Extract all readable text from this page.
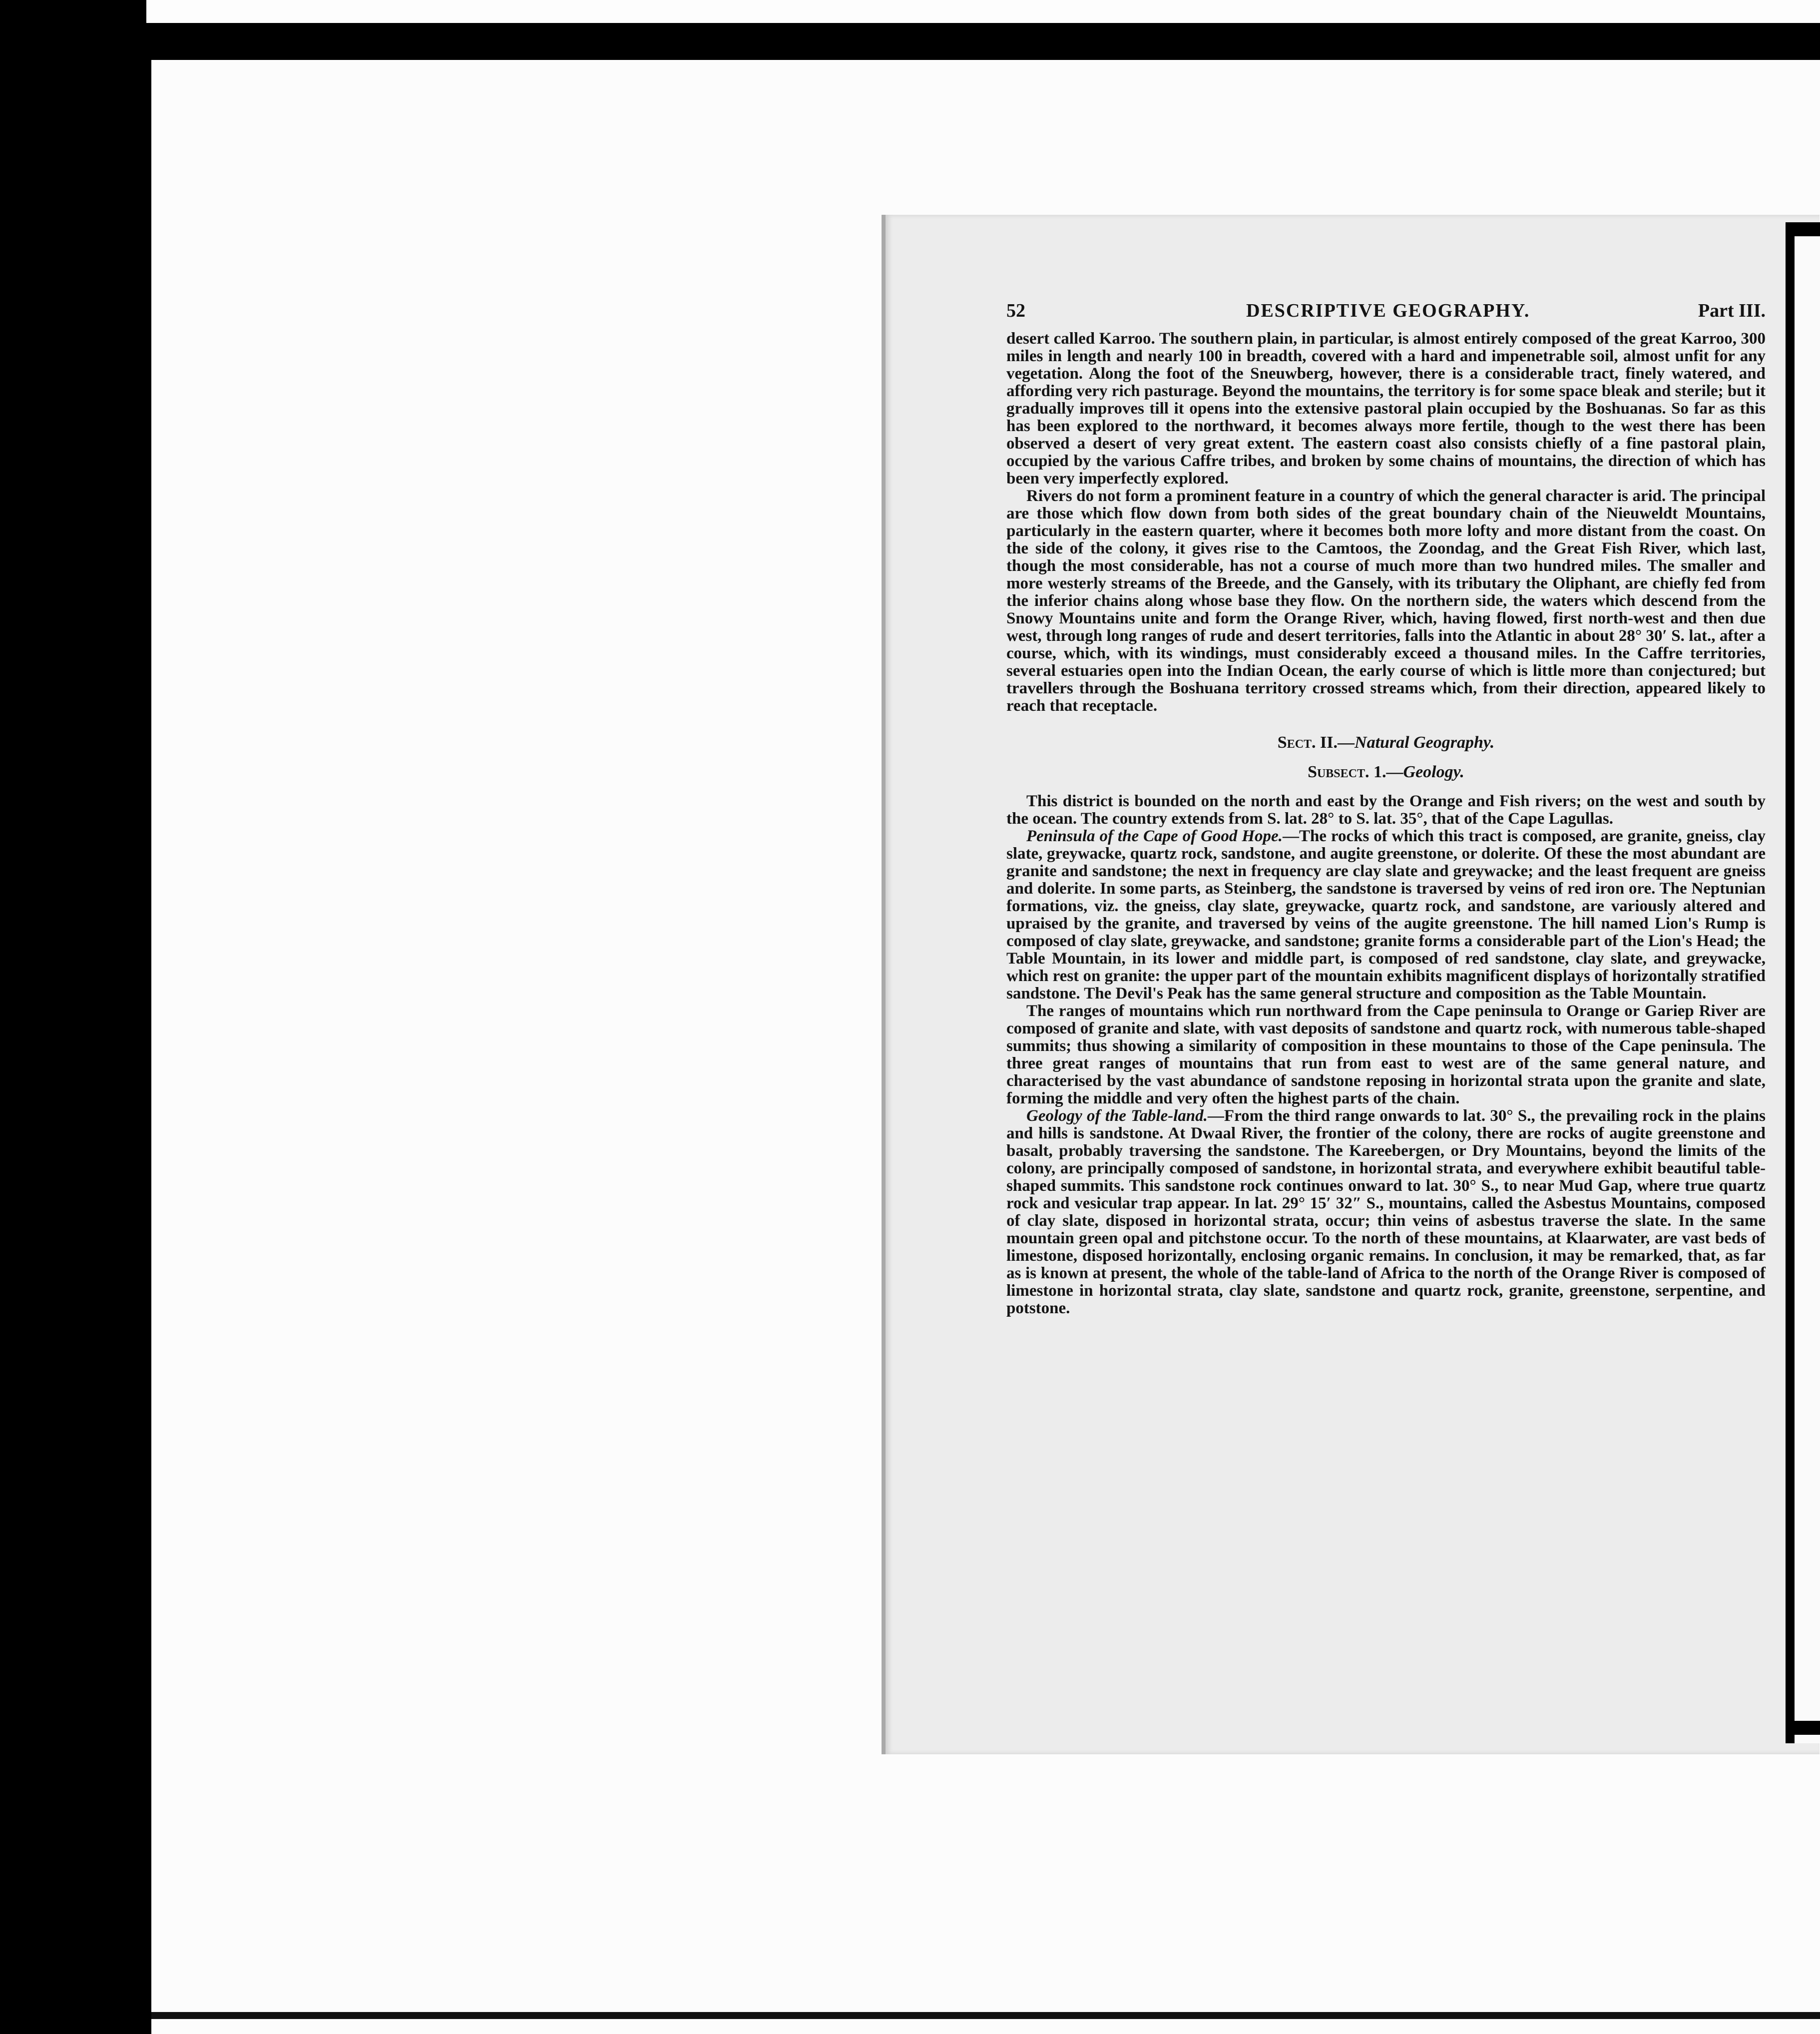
52	DESCRIPTIVE GEOGRAPHY.	Part III.

desert called Karroo. The southern plain, in particular, is almost entirely composed of the great Karroo, 300 miles in length and nearly 100 in breadth, covered with a hard and impenetrable soil, almost unfit for any vegetation. Along the foot of the Sneuwberg, however, there is a considerable tract, finely watered, and affording very rich pasturage. Beyond the mountains, the territory is for some space bleak and sterile; but it gradually improves till it opens into the extensive pastoral plain occupied by the Boshuanas. So far as this has been explored to the northward, it becomes always more fertile, though to the west there has been observed a desert of very great extent. The eastern coast also consists chiefly of a fine pastoral plain, occupied by the various Caffre tribes, and broken by some chains of mountains, the direction of which has been very imperfectly explored.

Rivers do not form a prominent feature in a country of which the general character is arid. The principal are those which flow down from both sides of the great boundary chain of the Nieuweldt Mountains, particularly in the eastern quarter, where it becomes both more lofty and more distant from the coast. On the side of the colony, it gives rise to the Camtoos, the Zoondag, and the Great Fish River, which last, though the most considerable, has not a course of much more than two hundred miles. The smaller and more westerly streams of the Breede, and the Gansely, with its tributary the Oliphant, are chiefly fed from the inferior chains along whose base they flow. On the northern side, the waters which descend from the Snowy Mountains unite and form the Orange River, which, having flowed, first north-west and then due west, through long ranges of rude and desert territories, falls into the Atlantic in about 28° 30′ S. lat., after a course, which, with its windings, must considerably exceed a thousand miles. In the Caffre territories, several estuaries open into the Indian Ocean, the early course of which is little more than conjectured; but travellers through the Boshuana territory crossed streams which, from their direction, appeared likely to reach that receptacle.

Sect. II.—Natural Geography.
Subsect. 1.—Geology.

This district is bounded on the north and east by the Orange and Fish rivers; on the west and south by the ocean. The country extends from S. lat. 28° to S. lat. 35°, that of the Cape Lagullas.

Peninsula of the Cape of Good Hope.—The rocks of which this tract is composed, are granite, gneiss, clay slate, greywacke, quartz rock, sandstone, and augite greenstone, or dolerite. Of these the most abundant are granite and sandstone; the next in frequency are clay slate and greywacke; and the least frequent are gneiss and dolerite. In some parts, as Steinberg, the sandstone is traversed by veins of red iron ore. The Neptunian formations, viz. the gneiss, clay slate, greywacke, quartz rock, and sandstone, are variously altered and upraised by the granite, and traversed by veins of the augite greenstone. The hill named Lion's Rump is composed of clay slate, greywacke, and sandstone; granite forms a considerable part of the Lion's Head; the Table Mountain, in its lower and middle part, is composed of red sandstone, clay slate, and greywacke, which rest on granite: the upper part of the mountain exhibits magnificent displays of horizontally stratified sandstone. The Devil's Peak has the same general structure and composition as the Table Mountain.

The ranges of mountains which run northward from the Cape peninsula to Orange or Gariep River are composed of granite and slate, with vast deposits of sandstone and quartz rock, with numerous table-shaped summits; thus showing a similarity of composition in these mountains to those of the Cape peninsula. The three great ranges of mountains that run from east to west are of the same general nature, and characterised by the vast abundance of sandstone reposing in horizontal strata upon the granite and slate, forming the middle and very often the highest parts of the chain.

Geology of the Table-land.—From the third range onwards to lat. 30° S., the prevailing rock in the plains and hills is sandstone. At Dwaal River, the frontier of the colony, there are rocks of augite greenstone and basalt, probably traversing the sandstone. The Kareebergen, or Dry Mountains, beyond the limits of the colony, are principally composed of sandstone, in horizontal strata, and everywhere exhibit beautiful table-shaped summits. This sandstone rock continues onward to lat. 30° S., to near Mud Gap, where true quartz rock and vesicular trap appear. In lat. 29° 15′ 32″ S., mountains, called the Asbestus Mountains, composed of clay slate, disposed in horizontal strata, occur; thin veins of asbestus traverse the slate. In the same mountain green opal and pitchstone occur. To the north of these mountains, at Klaarwater, are vast beds of limestone, disposed horizontally, enclosing organic remains. In conclusion, it may be remarked, that, as far as is known at present, the whole of the table-land of Africa to the north of the Orange River is composed of limestone in horizontal strata, clay slate, sandstone and quartz rock, granite, greenstone, serpentine, and potstone.
